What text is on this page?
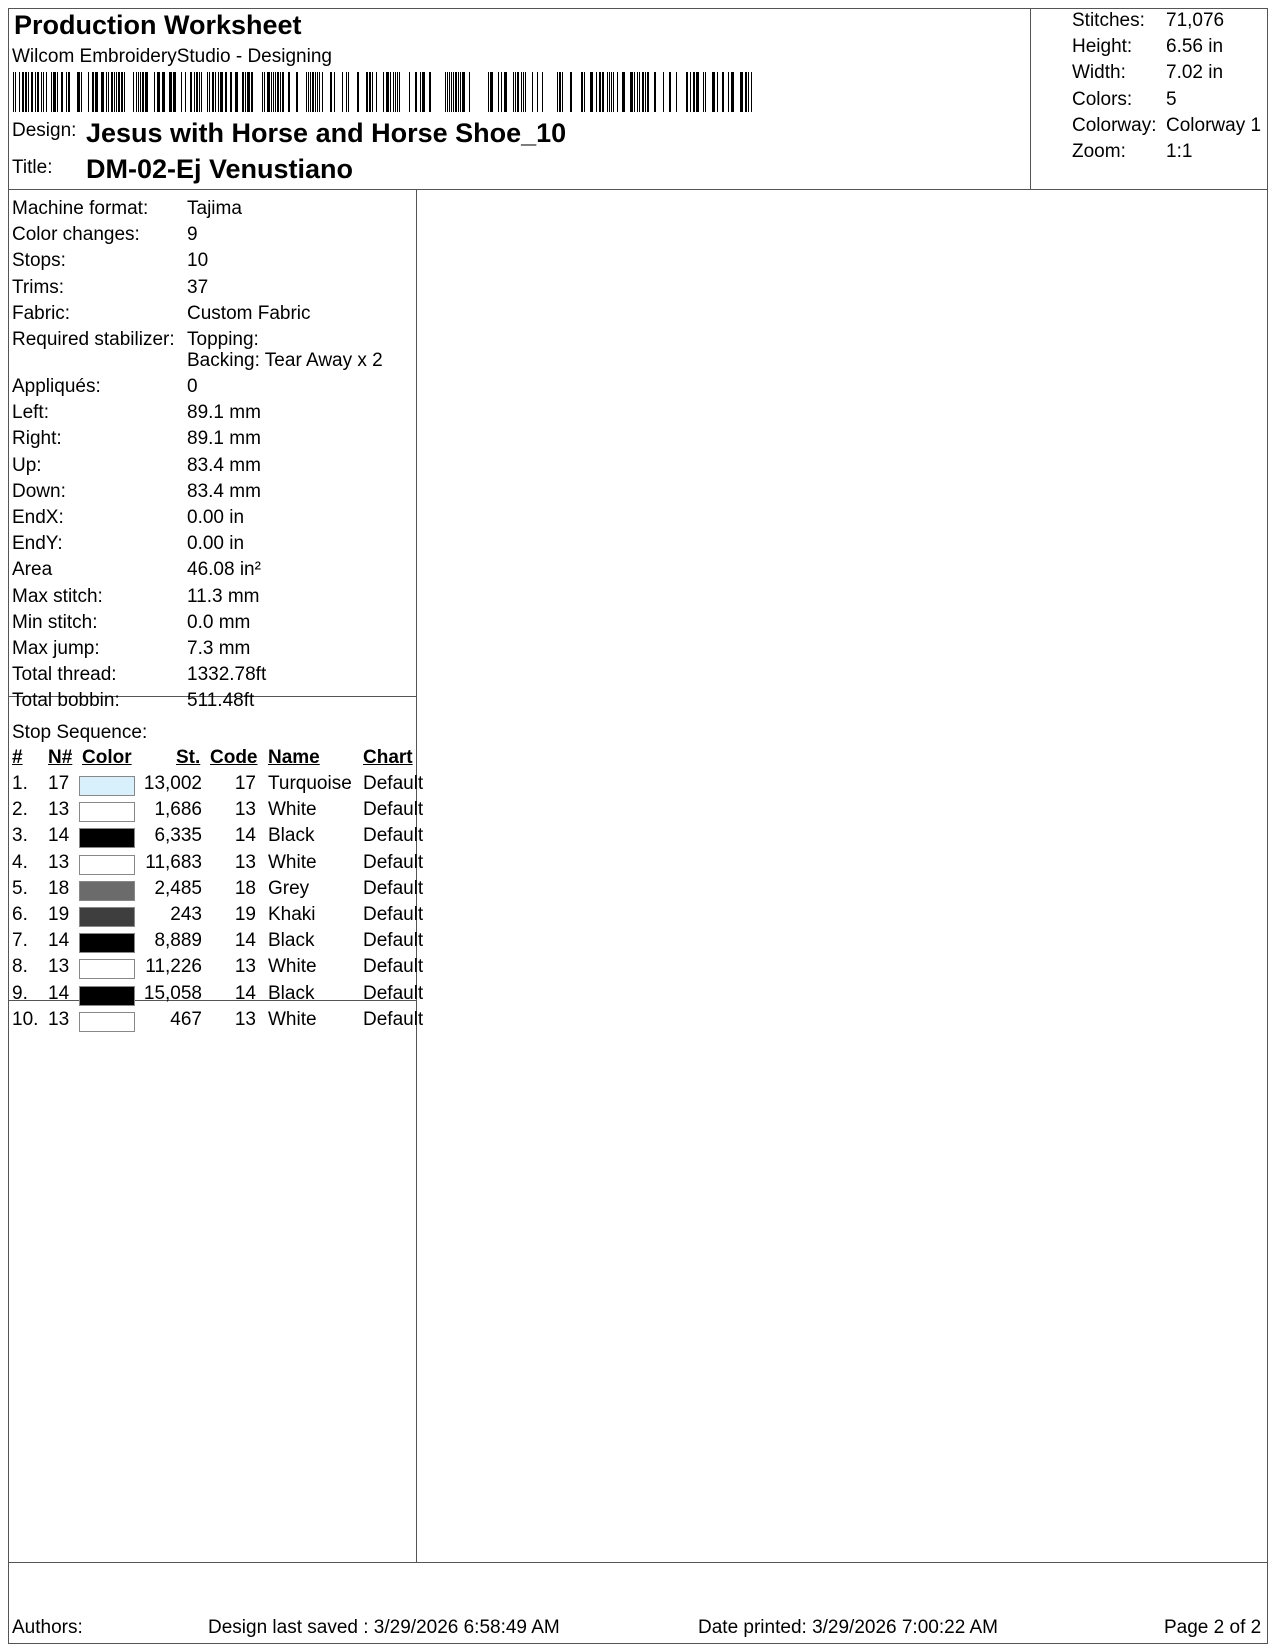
Production Worksheet
Wilcom EmbroideryStudio - Designing
Design: Jesus with Horse and Horse Shoe_10
Title: DM-02-Ej Venustiano
Stitches: 71,076
Height: 6.56 in
Width: 7.02 in
Colors: 5
Colorway: Colorway 1
Zoom: 1:1
Machine format: Tajima
Color changes: 9
Stops:	10
Trims:	37
Fabric:	Custom Fabric
Required stabilizer: Topping:
Backing: Tear Away x 2
Appliqués:	0
Left:	89.1 mm
Right:	89.1 mm
Up:	83.4 mm
Down:	83.4 mm
EndX:	0.00 in
EndY:	0.00 in
Area	46.08 in²
Max stitch:	11.3 mm
Min stitch:	0.0 mm
Max jump:	7.3 mm
Total thread:	1332.78ft
Total bobbin:	511.48ft
Stop Sequence:
# N# Color St. Code Name Chart
1. 17	13,002	17 Turquoise Default
2. 13	1,686	13 White Default
3. 14	6,335	14 Black	Default
4. 13	11,683	13 White Default
5. 18	2,485	18 Grey	Default
6. 19	243	19 Khaki Default
7. 14	8,889	14 Black	Default
8. 13	11,226	13 White Default
9. 14	15,058	14 Black	Default
10. 13	467	13 White Default
Authors:	Design last saved : 3/29/2026 6:58:49 AM	Date printed: 3/29/2026 7:00:22 AM	Page 2 of 2
